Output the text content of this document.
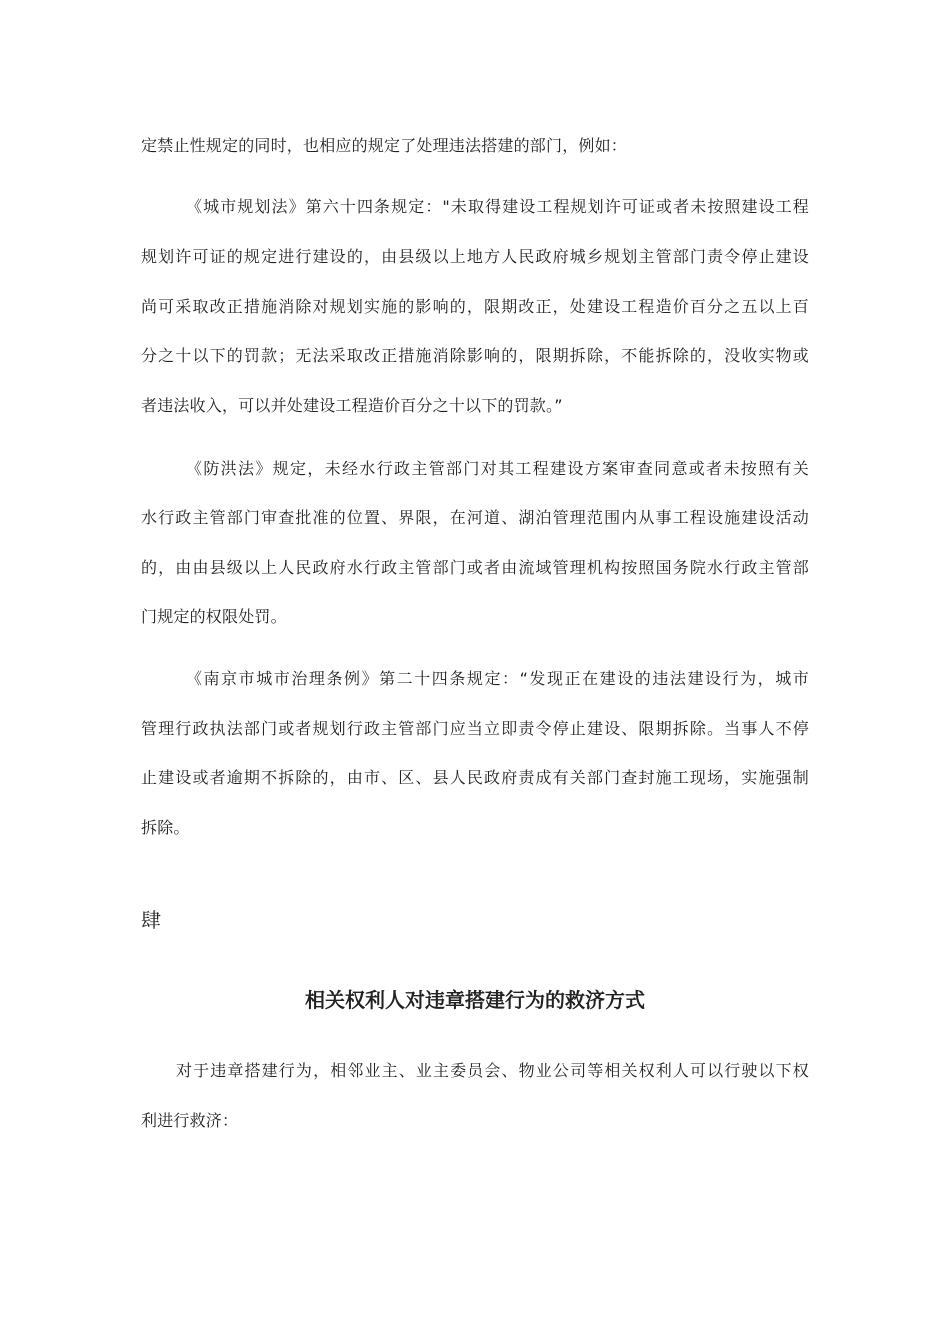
定禁止性规定的同时，也相应的规定了处理违法搭建的部门，例如：
《城市规划法》第六十四条规定："未取得建设工程规划许可证或者未按照建设工程
规划许可证的规定进行建设的，由县级以上地方人民政府城乡规划主管部门责令停止建设
尚可采取改正措施消除对规划实施的影响的，限期改正，处建设工程造价百分之五以上百
分之十以下的罚款；无法采取改正措施消除影响的，限期拆除，不能拆除的，没收实物或
者违法收入，可以并处建设工程造价百分之十以下的罚款。”
《防洪法》规定，未经水行政主管部门对其工程建设方案审查同意或者未按照有关
水行政主管部门审查批准的位置、界限，在河道、湖泊管理范围内从事工程设施建设活动
的，由由县级以上人民政府水行政主管部门或者由流域管理机构按照国务院水行政主管部
门规定的权限处罚。
《南京市城市治理条例》第二十四条规定：“发现正在建设的违法建设行为，城市
管理行政执法部门或者规划行政主管部门应当立即责令停止建设、限期拆除。当事人不停
止建设或者逾期不拆除的，由市、区、县人民政府责成有关部门查封施工现场，实施强制
拆除。
肆
相关权利人对违章搭建行为的救济方式
对于违章搭建行为，相邻业主、业主委员会、物业公司等相关权利人可以行驶以下权
利进行救济：
